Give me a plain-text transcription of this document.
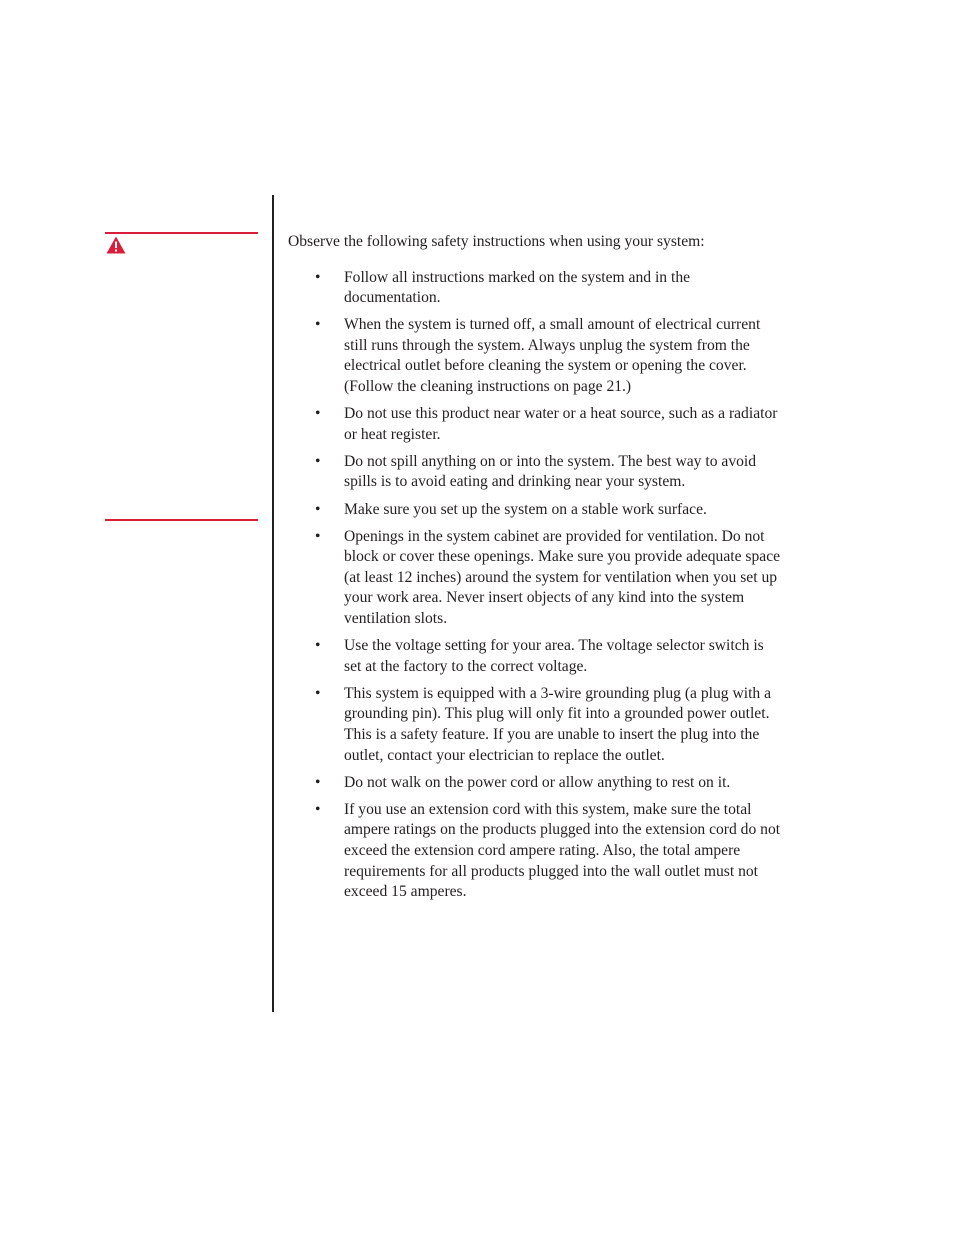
Observe the following safety instructions when using your system:

• Follow all instructions marked on the system and in the documentation.
• When the system is turned off, a small amount of electrical current still runs through the system. Always unplug the system from the electrical outlet before cleaning the system or opening the cover. (Follow the cleaning instructions on page 21.)
• Do not use this product near water or a heat source, such as a radiator or heat register.
• Do not spill anything on or into the system. The best way to avoid spills is to avoid eating and drinking near your system.
• Make sure you set up the system on a stable work surface.
• Openings in the system cabinet are provided for ventilation. Do not block or cover these openings. Make sure you provide adequate space (at least 12 inches) around the system for ventilation when you set up your work area. Never insert objects of any kind into the system ventilation slots.
• Use the voltage setting for your area. The voltage selector switch is set at the factory to the correct voltage.
• This system is equipped with a 3-wire grounding plug (a plug with a grounding pin). This plug will only fit into a grounded power outlet. This is a safety feature. If you are unable to insert the plug into the outlet, contact your electrician to replace the outlet.
• Do not walk on the power cord or allow anything to rest on it.
• If you use an extension cord with this system, make sure the total ampere ratings on the products plugged into the extension cord do not exceed the extension cord ampere rating. Also, the total ampere requirements for all products plugged into the wall outlet must not exceed 15 amperes.
